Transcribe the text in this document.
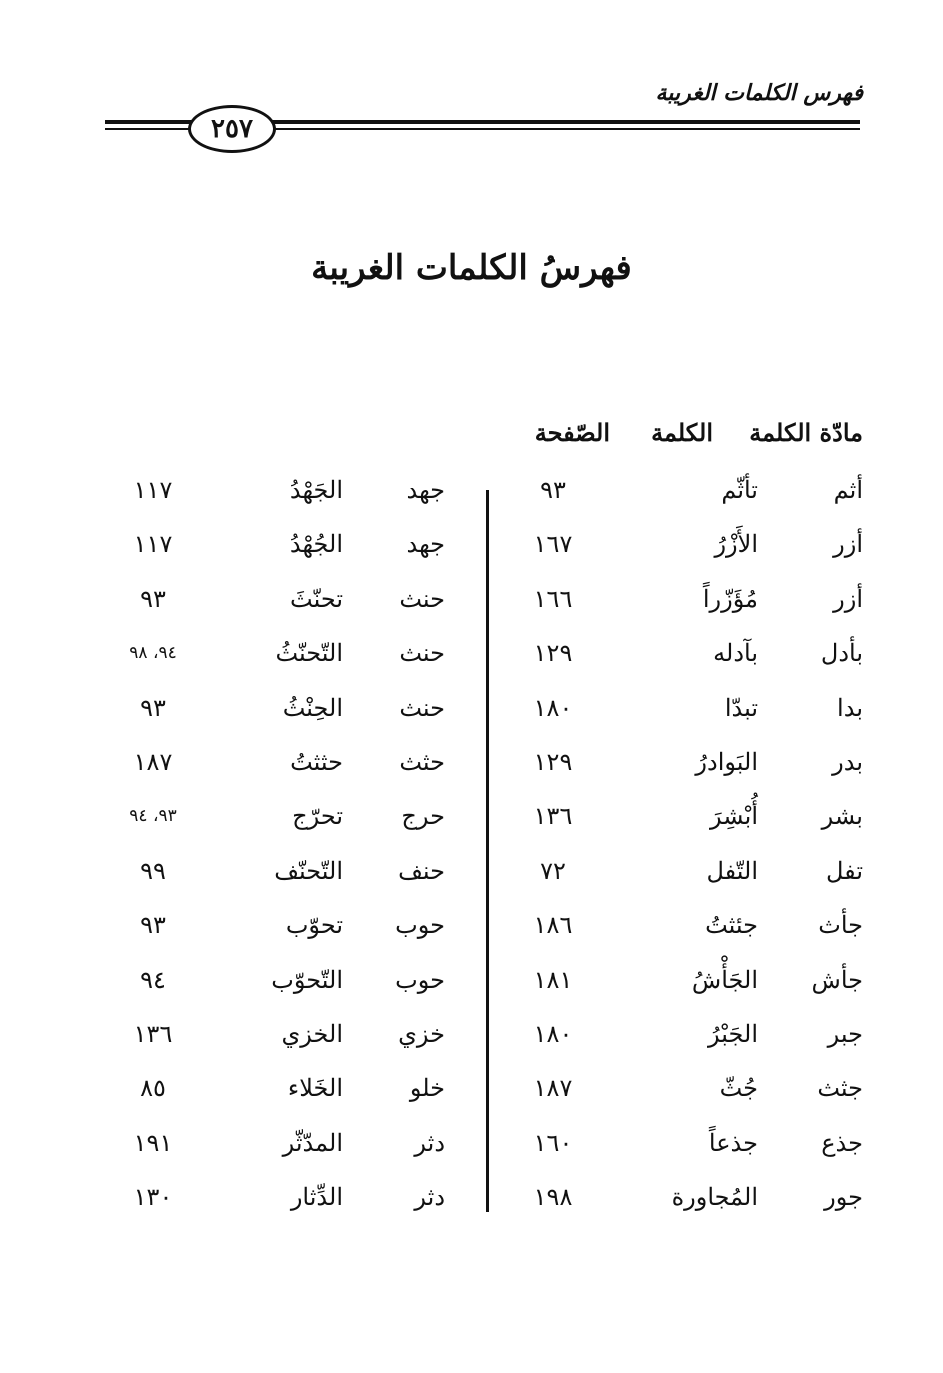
فهرس الكلمات الغريبة
٢٥٧
فهرسُ الكلمات الغريبة
مادّة الكلمة
الكلمة
الصّفحة
أثم
تأثّم
٩٣
أزر
الأَزْرُ
١٦٧
أزر
مُؤَزّراً
١٦٦
بأدل
بآدله
١٢٩
بدا
تبدّا
١٨٠
بدر
البَوادرُ
١٢٩
بشر
أُبْشِرَ
١٣٦
تفل
التّفل
٧٢
جأث
جئثتُ
١٨٦
جأش
الجَأْشُ
١٨١
جبر
الجَبْرُ
١٨٠
جثث
جُثّ
١٨٧
جذع
جذعاً
١٦٠
جور
المُجاورة
١٩٨
جهد
الجَهْدُ
١١٧
جهد
الجُهْدُ
١١٧
حنث
تحنّثَ
٩٣
حنث
التّحنّثُ
٩٤، ٩٨
حنث
الحِنْثُ
٩٣
حثث
حثثتُ
١٨٧
حرج
تحرّج
٩٣، ٩٤
حنف
التّحنّف
٩٩
حوب
تحوّب
٩٣
حوب
التّحوّب
٩٤
خزي
الخزي
١٣٦
خلو
الخَلاء
٨٥
دثر
المدّثّر
١٩١
دثر
الدِّثار
١٣٠
